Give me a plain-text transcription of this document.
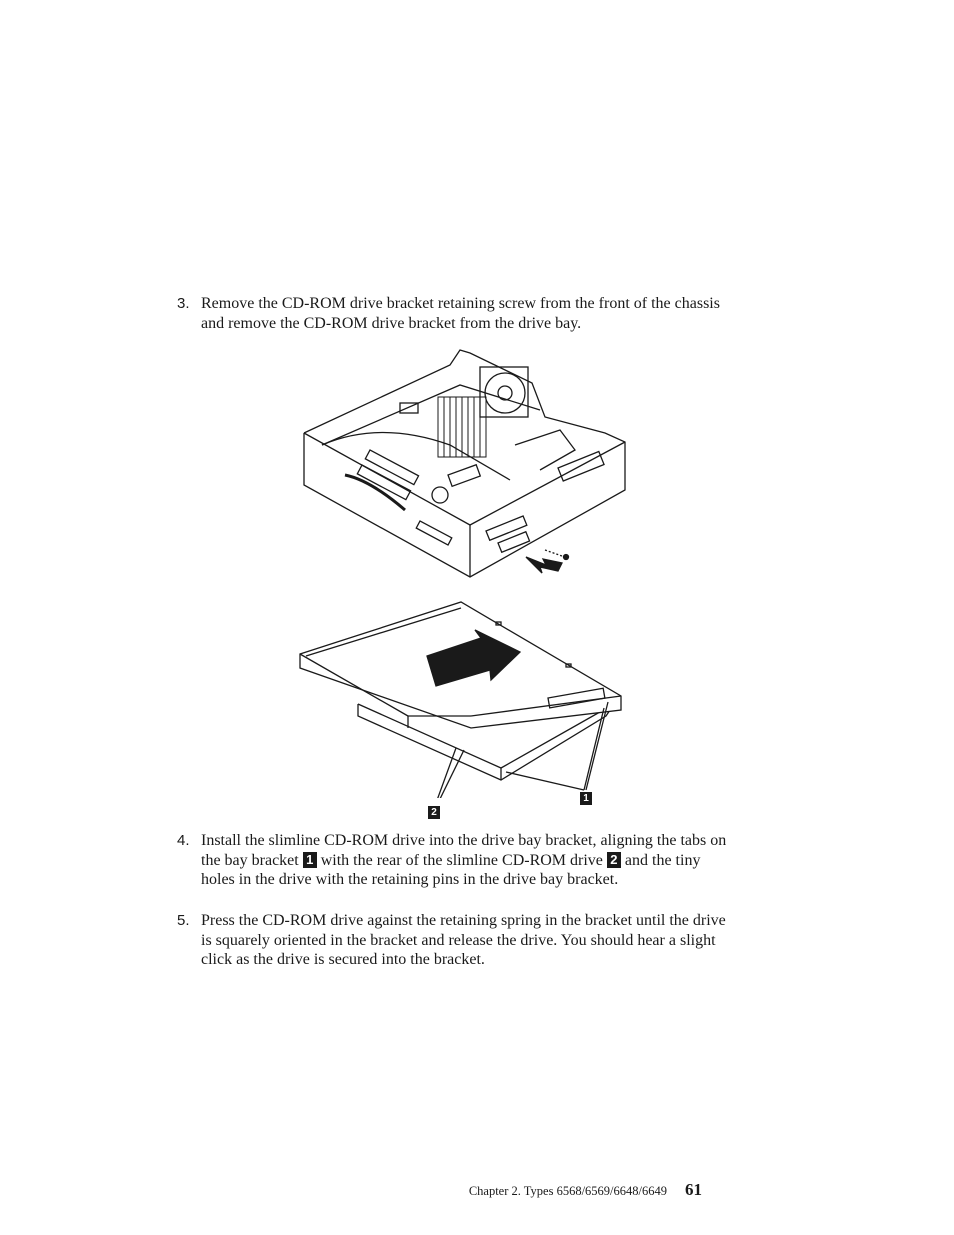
3. Remove the CD-ROM drive bracket retaining screw from the front of the chassis and remove the CD-ROM drive bracket from the drive bay.
1
2
4. Install the slimline CD-ROM drive into the drive bay bracket, aligning the tabs on the bay bracket 1 with the rear of the slimline CD-ROM drive 2 and the tiny holes in the drive with the retaining pins in the drive bay bracket.
5. Press the CD-ROM drive against the retaining spring in the bracket until the drive is squarely oriented in the bracket and release the drive. You should hear a slight click as the drive is secured into the bracket.
Chapter 2. Types 6568/6569/6648/6649 61
